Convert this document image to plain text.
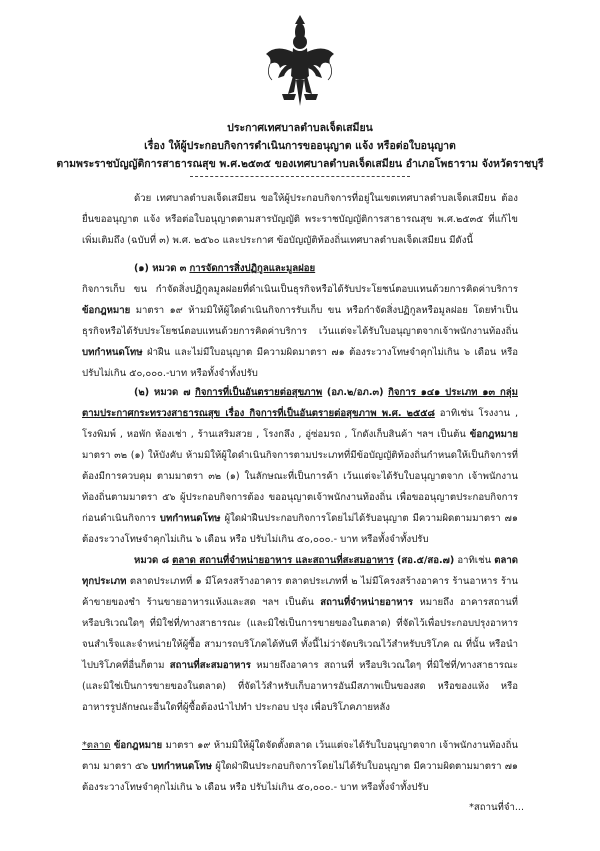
ประกาศเทศบาลตำบลเจ็ดเสมียน
เรื่อง ให้ผู้ประกอบกิจการดำเนินการขออนุญาต แจ้ง หรือต่อใบอนุญาต
ตามพระราชบัญญัติการสาธารณสุข พ.ศ.๒๕๓๕ ของเทศบาลตำบลเจ็ดเสมียน อำเภอโพธาราม จังหวัดราชบุรี
ด้วย เทศบาลตำบลเจ็ดเสมียน ขอให้ผู้ประกอบกิจการที่อยู่ในเขตเทศบาลตำบลเจ็ดเสมียน ต้องยื่นขออนุญาต แจ้ง หรือต่อใบอนุญาตตามสารบัญญัติ พระราชบัญญัติการสาธารณสุข พ.ศ.๒๕๓๕ ที่แก้ไขเพิ่มเติมถึง (ฉบับที่ ๓) พ.ศ. ๒๕๖๐ และประกาศ ข้อบัญญัติท้องถิ่นเทศบาลตำบลเจ็ดเสมียน มีดังนี้
(๑) หมวด ๓ การจัดการสิ่งปฏิกูลและมูลฝอย
กิจการเก็บ ขน กำจัดสิ่งปฏิกูลมูลฝอยที่ดำเนินเป็นธุรกิจหรือได้รับประโยชน์ตอบแทนด้วยการคิดค่าบริการ ข้อกฎหมาย มาตรา ๑๙ ห้ามมิให้ผู้ใดดำเนินกิจการรับเก็บ ขน หรือกำจัดสิ่งปฏิกูลหรือมูลฝอย โดยทำเป็นธุรกิจหรือได้รับประโยชน์ตอบแทนด้วยการคิดค่าบริการ เว้นแต่จะได้รับใบอนุญาตจากเจ้าพนักงานท้องถิ่น บทกำหนดโทษ ฝ่าฝืน และไม่มีใบอนุญาต มีความผิดมาตรา ๗๑ ต้องระวางโทษจำคุกไม่เกิน ๖ เดือน หรือปรับไม่เกิน ๕๐,๐๐๐.-บาท หรือทั้งจำทั้งปรับ
(๒) หมวด ๗ กิจการที่เป็นอันตรายต่อสุขภาพ (อภ.๒/อภ.๓) กิจการ ๑๔๑ ประเภท ๑๓ กลุ่มตามประกาศกระทรวงสาธารณสุข เรื่อง กิจการที่เป็นอันตรายต่อสุขภาพ พ.ศ. ๒๕๕๘ อาทิเช่น โรงงาน , โรงพิมพ์ , หอพัก ห้องเช่า , ร้านเสริมสวย , โรงกลึง , อู่ซ่อมรถ , โกดังเก็บสินค้า ฯลฯ เป็นต้น ข้อกฎหมาย มาตรา ๓๒ (๑) ให้บังคับ ห้ามมิให้ผู้ใดดำเนินกิจการตามประเภทที่มีข้อบัญญัติท้องถิ่นกำหนดให้เป็นกิจการที่ต้องมีการควบคุม ตามมาตรา ๓๒ (๑) ในลักษณะที่เป็นการค้า เว้นแต่จะได้รับใบอนุญาตจาก เจ้าพนักงานท้องถิ่นตามมาตรา ๕๖ ผู้ประกอบกิจการต้อง ขออนุญาตเจ้าพนักงานท้องถิ่น เพื่อขออนุญาตประกอบกิจการก่อนดำเนินกิจการ บทกำหนดโทษ ผู้ใดฝ่าฝืนประกอบกิจการโดยไม่ได้รับอนุญาต มีความผิดตามมาตรา ๗๑ ต้องระวางโทษจำคุกไม่เกิน ๖ เดือน หรือ ปรับไม่เกิน ๕๐,๐๐๐.- บาท หรือทั้งจำทั้งปรับ
หมวด ๘ ตลาด สถานที่จำหน่ายอาหาร และสถานที่สะสมอาหาร (สอ.๕/สอ.๗) อาทิเช่น ตลาดทุกประเภท ตลาดประเภทที่ ๑ มีโครงสร้างอาคาร ตลาดประเภทที่ ๒ ไม่มีโครงสร้างอาคาร ร้านอาหาร ร้านค้าขายของชำ ร้านขายอาหารแห้งและสด ฯลฯ เป็นต้น สถานที่จำหน่ายอาหาร หมายถึง อาคารสถานที่ หรือบริเวณใดๆ ที่มิใช่ที่/ทางสาธารณะ (และมิใช่เป็นการขายของในตลาด) ที่จัดไว้เพื่อประกอบปรุงอาหารจนสำเร็จและจำหน่ายให้ผู้ซื้อ สามารถบริโภคได้ทันที ทั้งนี้ไม่ว่าจัดบริเวณไว้สำหรับบริโภค ณ ที่นั้น หรือนำไปบริโภคที่อื่นก็ตาม สถานที่สะสมอาหาร หมายถึงอาคาร สถานที่ หรือบริเวณใดๆ ที่มิใช่ที่/ทางสาธารณะ (และมิใช่เป็นการขายของในตลาด) ที่จัดไว้สำหรับเก็บอาหารอันมีสภาพเป็นของสด หรือของแห้ง หรือ อาหารรูปลักษณะอื่นใดที่ผู้ซื้อต้องนำไปทำ ประกอบ ปรุง เพื่อบริโภคภายหลัง
*ตลาด ข้อกฎหมาย มาตรา ๑๙ ห้ามมิให้ผู้ใดจัดตั้งตลาด เว้นแต่จะได้รับใบอนุญาตจาก เจ้าพนักงานท้องถิ่นตาม มาตรา ๕๖ บทกำหนดโทษ ผู้ใดฝ่าฝืนประกอบกิจการโดยไม่ได้รับใบอนุญาต มีความผิดตามมาตรา ๗๑ ต้องระวางโทษจำคุกไม่เกิน ๖ เดือน หรือ ปรับไม่เกิน ๕๐,๐๐๐.- บาท หรือทั้งจำทั้งปรับ
*สถานที่จำ...
